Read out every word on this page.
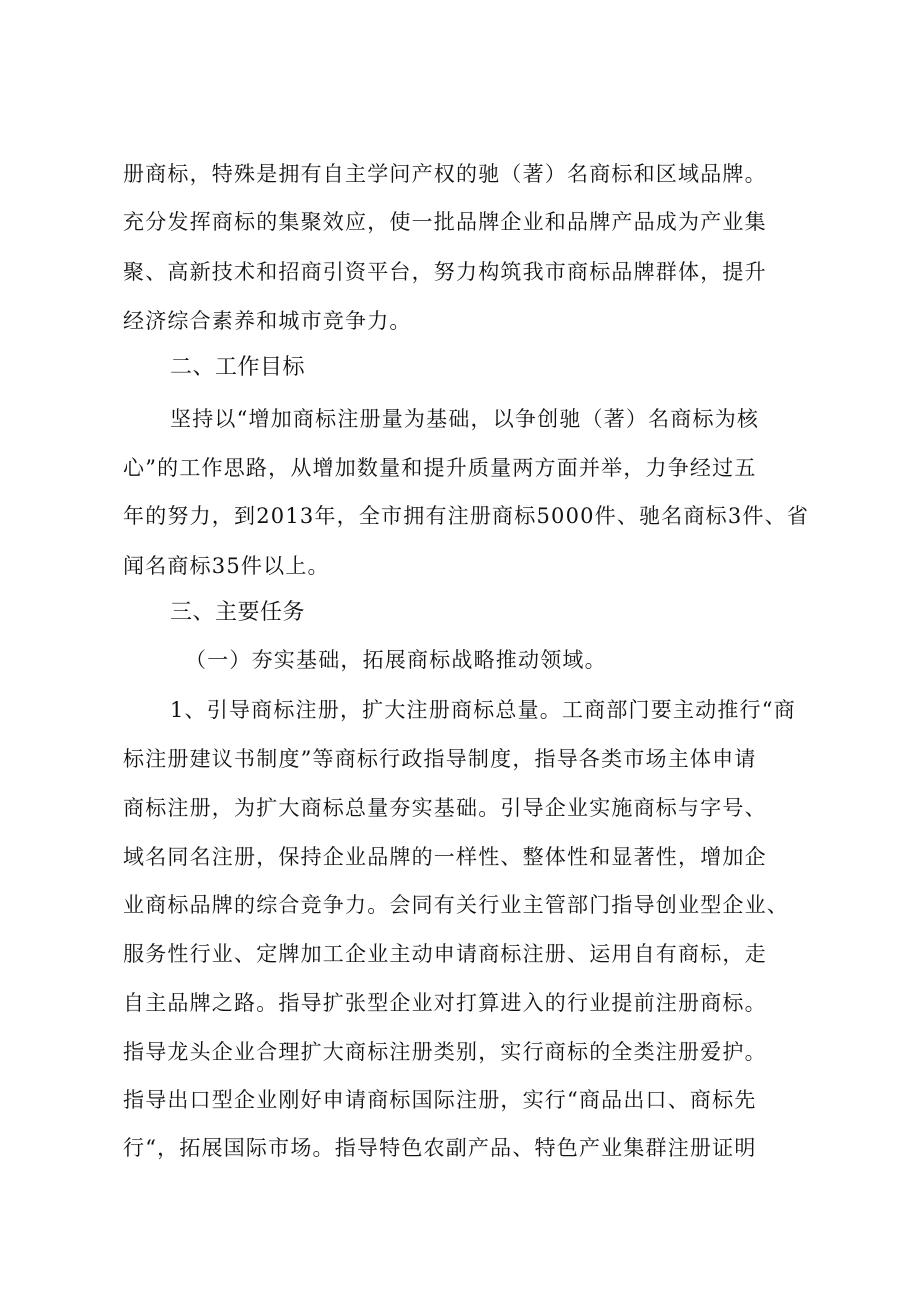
册商标，特殊是拥有自主学问产权的驰（著）名商标和区域品牌。
充分发挥商标的集聚效应，使一批品牌企业和品牌产品成为产业集
聚、高新技术和招商引资平台，努力构筑我市商标品牌群体，提升
经济综合素养和城市竞争力。
二、工作目标
坚持以“增加商标注册量为基础，以争创驰（著）名商标为核
心”的工作思路，从增加数量和提升质量两方面并举，力争经过五
年的努力，到2013年，全市拥有注册商标5000件、驰名商标3件、省
闻名商标35件以上。
三、主要任务
（一）夯实基础，拓展商标战略推动领域。
1、引导商标注册，扩大注册商标总量。工商部门要主动推行“商
标注册建议书制度”等商标行政指导制度，指导各类市场主体申请
商标注册，为扩大商标总量夯实基础。引导企业实施商标与字号、
域名同名注册，保持企业品牌的一样性、整体性和显著性，增加企
业商标品牌的综合竞争力。会同有关行业主管部门指导创业型企业、
服务性行业、定牌加工企业主动申请商标注册、运用自有商标，走
自主品牌之路。指导扩张型企业对打算进入的行业提前注册商标。
指导龙头企业合理扩大商标注册类别，实行商标的全类注册爱护。
指导出口型企业刚好申请商标国际注册，实行“商品出口、商标先
行“，拓展国际市场。指导特色农副产品、特色产业集群注册证明
